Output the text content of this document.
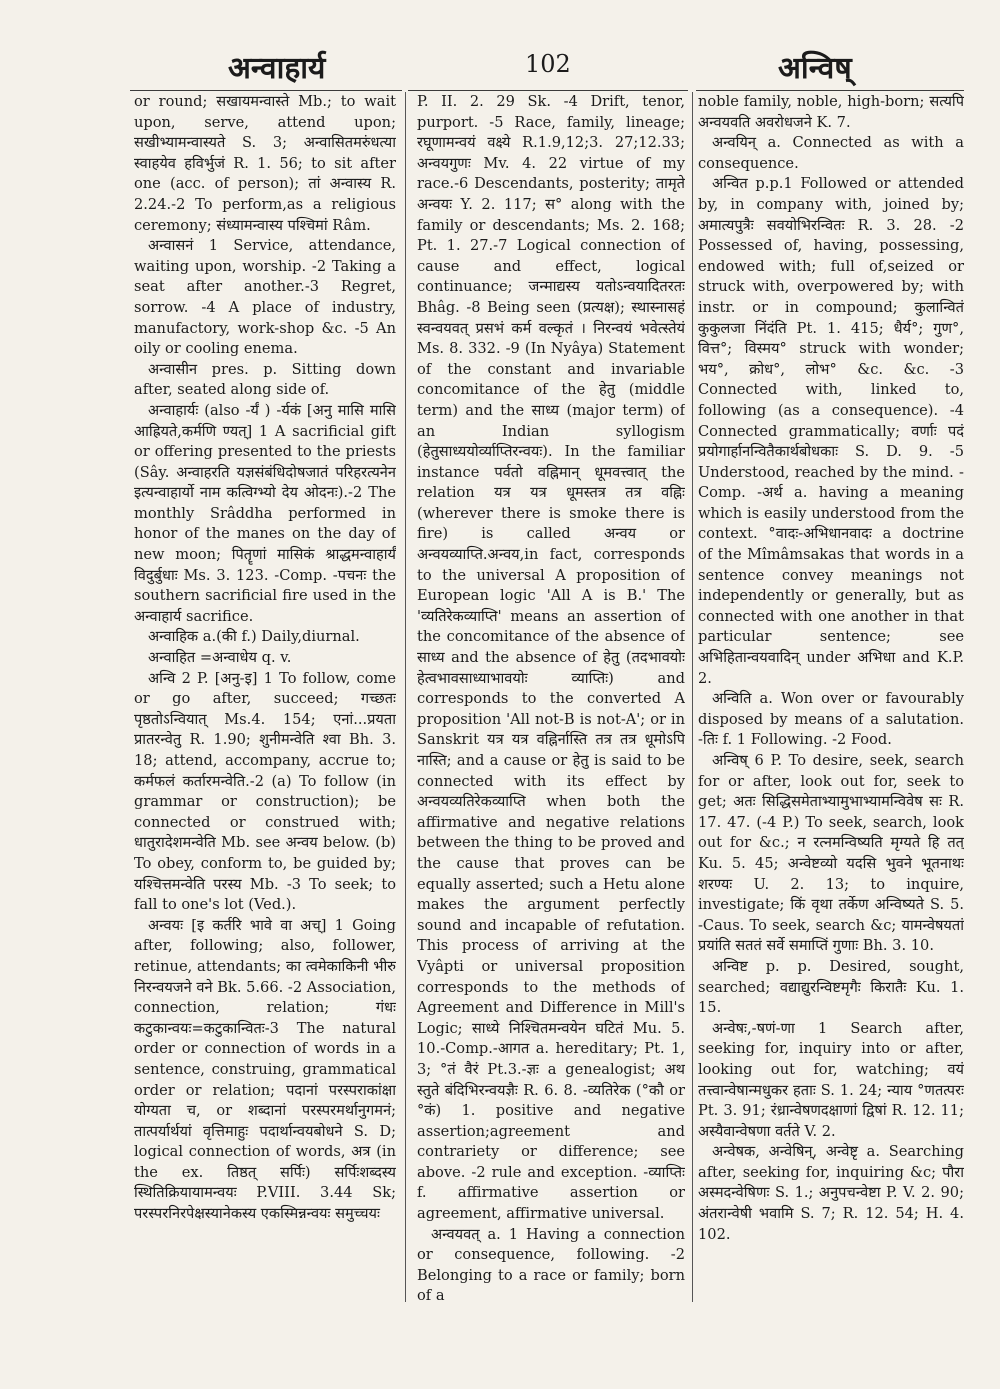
अन्वाहार्य	102	अन्विष्

or round; सखायमन्वास्ते Mb.; to wait upon, serve, attend upon; सखीभ्यामन्वास्यते S. 3; अन्वासितमरुंधत्या स्वाहयेव हविर्भुजं R. 1. 56; to sit after one (acc. of person); तां अन्वास्य R. 2.24.-2 To perform,as a religious ceremony; संध्यामन्वास्य पश्चिमां Râm.

अन्वासनं 1 Service, attendance, waiting upon, worship. -2 Taking a seat after another.-3 Regret, sorrow. -4 A place of industry, manufactory, work-shop &c. -5 An oily or cooling enema.

अन्वासीन pres. p. Sitting down after, seated along side of.

अन्वाहार्यः (also -र्यं ) -र्यकं [अनु मासि मासि आह्रियते,कर्मणि ण्यत्] 1 A sacrificial gift or offering presented to the priests (Sây. अन्वाहरति यज्ञसंबंधिदोषजातं परिहरत्यनेन इत्यन्वाहार्यो नाम कत्विग्भ्यो देय ओदनः).-2 The monthly Srâddha performed in honor of the manes on the day of new moon; पितॄणां मासिकं श्राद्धमन्वाहार्यं विदुर्बुधाः Ms. 3. 123. -Comp. -पचनः the southern sacrificial fire used in the अन्वाहार्य sacrifice.

अन्वाहिक a.(की f.) Daily,diurnal.

अन्वाहित =अन्वाधेय q. v.

अन्वि 2 P. [अनु-इ] 1 To follow, come or go after, succeed; गच्छतः पृष्ठतोऽन्वियात् Ms.4. 154; एनां...प्रयता प्रातरन्वेतु R. 1.90; शुनीमन्वेति श्वा Bh. 3. 18; attend, accompany, accrue to; कर्मफलं कर्तारमन्वेति.-2 (a) To follow (in grammar or construction); be connected or construed with; धातुरादेशमन्वेति Mb. see अन्वय below. (b) To obey, conform to, be guided by; यश्चित्तमन्वेति परस्य Mb. -3 To seek; to fall to one's lot (Ved.).

अन्वयः [इ कर्तरि भावे वा अच्] 1 Going after, following; also, follower, retinue, attendants; का त्वमेकाकिनी भीरु निरन्वयजने वने Bk. 5.66. -2 Association, connection, relation; गंधः कटुकान्वयः=कटुकान्वितः-3 The natural order or connection of words in a sentence, construing, grammatical order or relation; पदानां परस्पराकांक्षा योग्यता च, or शब्दानां परस्परमर्थानुगमनं; तात्पर्यार्थयां वृत्तिमाहुः पदार्थान्वयबोधने S. D; logical connection of words, अत्र (in the ex. तिष्ठत् सर्पिः) सर्पिःशब्दस्य स्थितिक्रियायामन्वयः P.VIII. 3.44 Sk; परस्परनिरपेक्षस्यानेकस्य एकस्मिन्नन्वयः समुच्चयः

P. II. 2. 29 Sk. -4 Drift, tenor, purport. -5 Race, family, lineage; रघूणामन्वयं वक्ष्ये R.1.9,12;3. 27;12.33; अन्वयगुणः Mv. 4. 22 virtue of my race.-6 Descendants, posterity; तामृते अन्वयः Y. 2. 117; स° along with the family or descendants; Ms. 2. 168; Pt. 1. 27.-7 Logical connection of cause and effect, logical continuance; जन्माद्यस्य यतोऽन्वयादितरतः Bhâg. -8 Being seen (प्रत्यक्ष); स्थास्नासहं स्वन्वयवत् प्रसभं कर्म वल्कृतं । निरन्वयं भवेत्स्तेयं Ms. 8. 332. -9 (In Nyâya) Statement of the constant and invariable concomitance of the हेतु (middle term) and the साध्य (major term) of an Indian syllogism (हेतुसाध्ययोर्व्याप्तिरन्वयः). In the familiar instance पर्वतो वह्निमान् धूमवत्त्वात् the relation यत्र यत्र धूमस्तत्र तत्र वह्निः (wherever there is smoke there is fire) is called अन्वय or अन्वयव्याप्ति.अन्वय,in fact, corresponds to the universal A proposition of European logic 'All A is B.' The 'व्यतिरेकव्याप्ति' means an assertion of the concomitance of the absence of साध्य and the absence of हेतु (तदभावयोः हेत्वभावसाध्याभावयोः व्याप्तिः) and corresponds to the converted A proposition 'All not-B is not-A'; or in Sanskrit यत्र यत्र वह्निर्नास्ति तत्र तत्र धूमोऽपि नास्ति; and a cause or हेतु is said to be connected with its effect by अन्वयव्यतिरेकव्याप्ति when both the affirmative and negative relations between the thing to be proved and the cause that proves can be equally asserted; such a Hetu alone makes the argument perfectly sound and incapable of refutation. This process of arriving at the Vyâpti or universal proposition corresponds to the methods of Agreement and Difference in Mill's Logic; साध्ये निश्चितमन्वयेन घटितं Mu. 5. 10.-Comp.-आगत a. hereditary; Pt. 1, 3; °तं वैरं Pt.3.-ज्ञः a genealogist; अथ स्तुते बंदिभिरन्वयज्ञैः R. 6. 8. -व्यतिरेक (°कौ or °कं) 1. positive and negative assertion;agreement and contrariety or difference; see above. -2 rule and exception. -व्याप्तिः f. affirmative assertion or agreement, affirmative universal.

अन्वयवत् a. 1 Having a connection or consequence, following. -2 Belonging to a race or family; born of a

noble family, noble, high-born; सत्यपि अन्वयवति अवरोधजने K. 7.

अन्वयिन् a. Connected as with a consequence.

अन्वित p.p.1 Followed or attended by, in company with, joined by; अमात्यपुत्रैः सवयोभिरन्वितः R. 3. 28. -2 Possessed of, having, possessing, endowed with; full of,seized or struck with, overpowered by; with instr. or in compound; कुलान्वितं कुकुलजा निंदंति Pt. 1. 415; धैर्य°; गुण°, वित्त°; विस्मय° struck with wonder; भय°, क्रोध°, लोभ° &c. &c. -3 Connected with, linked to, following (as a consequence). -4 Connected grammatically; वर्णाः पदं प्रयोगार्हानन्वितैकार्थबोधकाः S. D. 9. -5 Understood, reached by the mind. -Comp. -अर्थ a. having a meaning which is easily understood from the context. °वादः-अभिधानवादः a doctrine of the Mîmâmsakas that words in a sentence convey meanings not independently or generally, but as connected with one another in that particular sentence; see अभिहितान्वयवादिन् under अभिधा and K.P. 2.

अन्विति a. Won over or favourably disposed by means of a salutation. -तिः f. 1 Following. -2 Food.

अन्विष् 6 P. To desire, seek, search for or after, look out for, seek to get; अतः सिद्धिसमेताभ्यामुभाभ्यामन्विवेष सः R. 17. 47. (-4 P.) To seek, search, look out for &c.; न रत्नमन्विष्यति मृग्यते हि तत् Ku. 5. 45; अन्वेष्टव्यो यदसि भुवने भूतनाथः शरण्यः U. 2. 13; to inquire, investigate; किं वृथा तर्केण अन्विष्यते S. 5. -Caus. To seek, search &c; यामन्वेषयतां प्रयांति सततं सर्वे समाप्तिं गुणाः Bh. 3. 10.

अन्विष्ट p. p. Desired, sought, searched; वद्याद्युरन्विष्टमृगैः किरातैः Ku. 1. 15.

अन्वेषः,-षणं-णा 1 Search after, seeking for, inquiry into or after, looking out for, watching; वयं तत्त्वान्वेषान्मधुकर हताः S. 1. 24; न्याय °णतत्परः Pt. 3. 91; रंध्रान्वेषणदक्षाणां द्विषां R. 12. 11; अस्यैवान्वेषणा वर्तते V. 2.

अन्वेषक, अन्वेषिन्, अन्वेष्टृ a. Searching after, seeking for, inquiring &c; पौरा अस्मदन्वेषिणः S. 1.; अनुपचन्वेष्टा P. V. 2. 90; अंतरान्वेषी भवामि S. 7; R. 12. 54; H. 4. 102.
